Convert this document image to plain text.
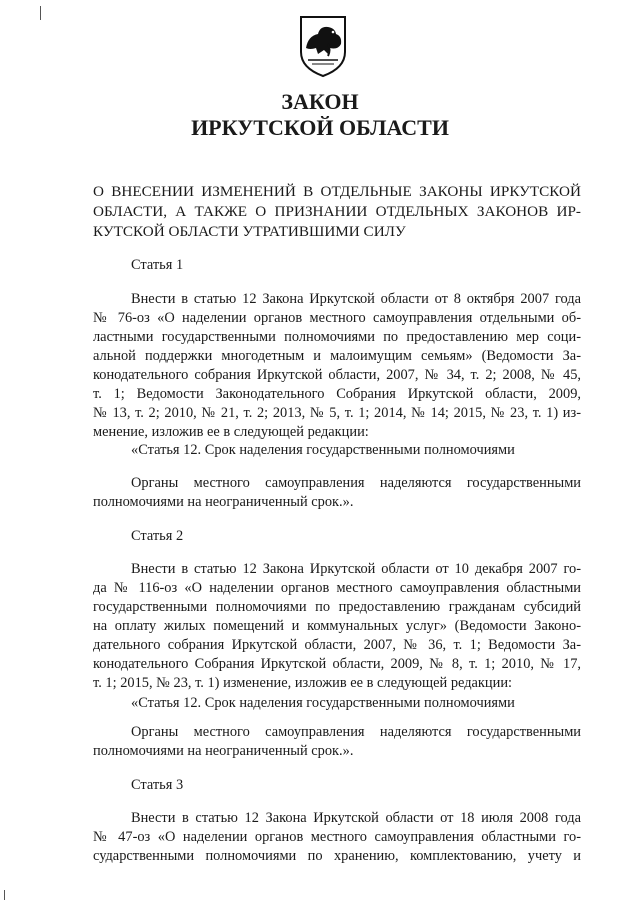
ЗАКОН
ИРКУТСКОЙ ОБЛАСТИ
О ВНЕСЕНИИ ИЗМЕНЕНИЙ В ОТДЕЛЬНЫЕ ЗАКОНЫ ИРКУТСКОЙ
ОБЛАСТИ, А ТАКЖЕ О ПРИЗНАНИИ ОТДЕЛЬНЫХ ЗАКОНОВ ИР-
КУТСКОЙ ОБЛАСТИ УТРАТИВШИМИ СИЛУ
Статья 1
Внести в статью 12 Закона Иркутской области от 8 октября 2007 года
№ 76-оз «О наделении органов местного самоуправления отдельными об-
ластными государственными полномочиями по предоставлению мер соци-
альной поддержки многодетным и малоимущим семьям» (Ведомости За-
конодательного собрания Иркутской области, 2007, № 34, т. 2; 2008, № 45,
т. 1; Ведомости Законодательного Собрания Иркутской области, 2009,
№ 13, т. 2; 2010, № 21, т. 2; 2013, № 5, т. 1; 2014, № 14; 2015, № 23, т. 1) из-
менение, изложив ее в следующей редакции:
«Статья 12. Срок наделения государственными полномочиями
Органы местного самоуправления наделяются государственными
полномочиями на неограниченный срок.».
Статья 2
Внести в статью 12 Закона Иркутской области от 10 декабря 2007 го-
да № 116-оз «О наделении органов местного самоуправления областными
государственными полномочиями по предоставлению гражданам субсидий
на оплату жилых помещений и коммунальных услуг» (Ведомости Законо-
дательного собрания Иркутской области, 2007, № 36, т. 1; Ведомости За-
конодательного Собрания Иркутской области, 2009, № 8, т. 1; 2010, № 17,
т. 1; 2015, № 23, т. 1) изменение, изложив ее в следующей редакции:
«Статья 12. Срок наделения государственными полномочиями
Органы местного самоуправления наделяются государственными
полномочиями на неограниченный срок.».
Статья 3
Внести в статью 12 Закона Иркутской области от 18 июля 2008 года
№ 47-оз «О наделении органов местного самоуправления областными го-
сударственными полномочиями по хранению, комплектованию, учету и
